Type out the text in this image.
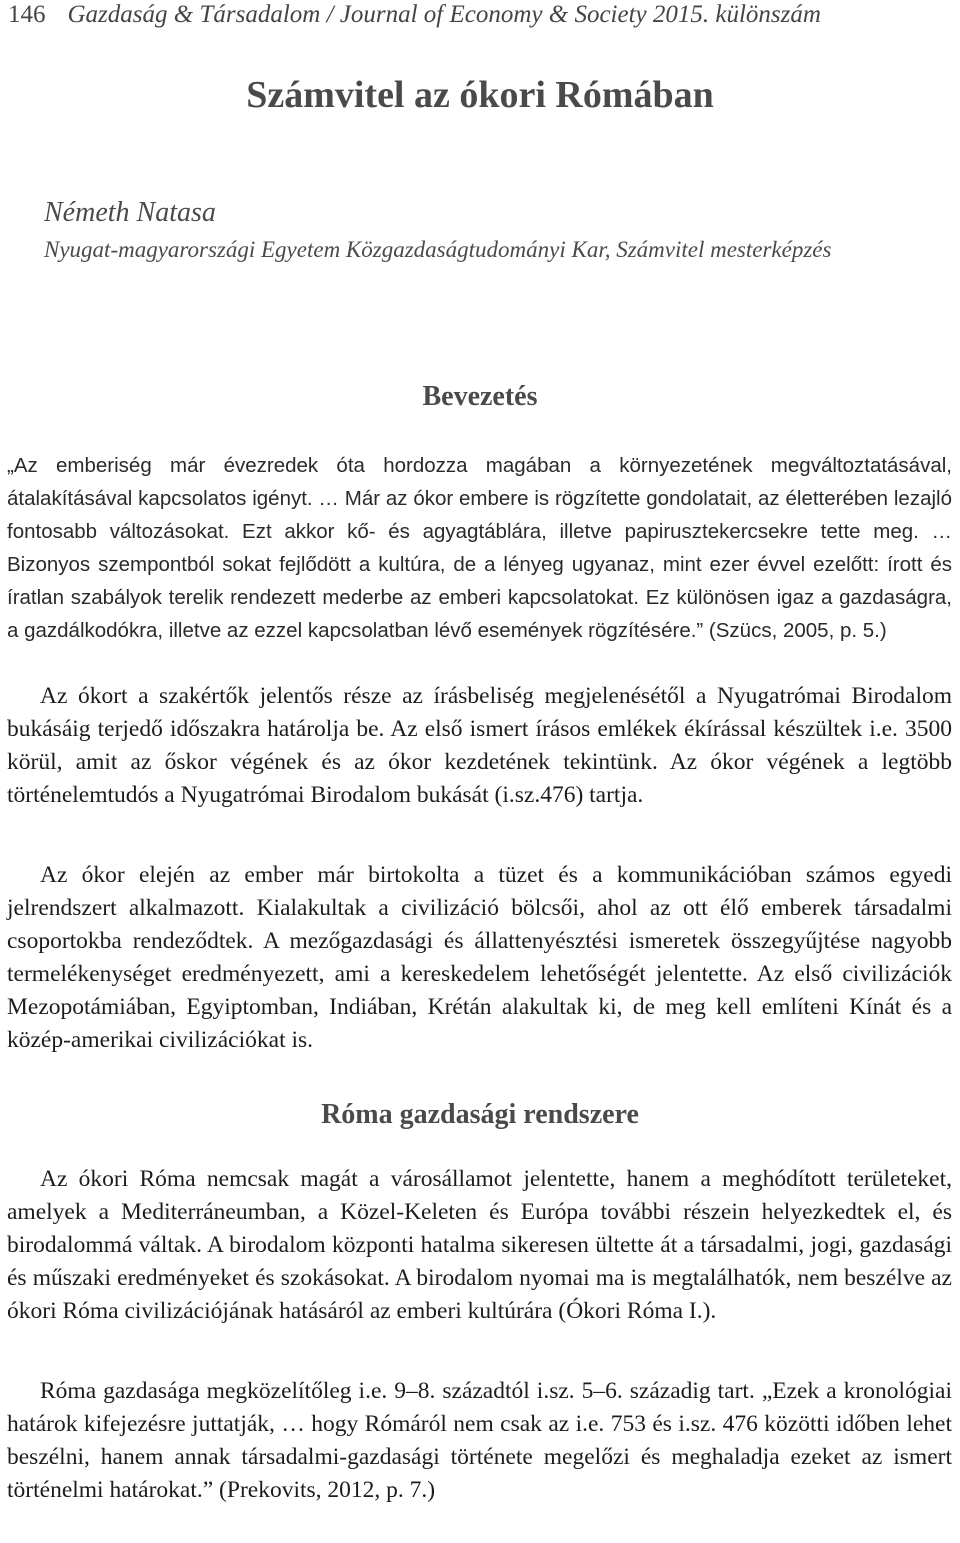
146 Gazdaság & Társadalom / Journal of Economy & Society 2015. különszám
Számvitel az ókori Rómában

Németh Natasa

Nyugat-magyarországi Egyetem Közgazdaságtudományi Kar, Számvitel mesterképzés

Bevezetés

„Az emberiség már évezredek óta hordozza magában a környezetének megváltoztatásával, átalakításával kapcsolatos igényt. … Már az ókor embere is rögzítette gondolatait, az életterében lezajló fontosabb változásokat. Ezt akkor kő- és agyagtáblára, illetve papirusztekercsekre tette meg. … Bizonyos szempontból sokat fejlődött a kultúra, de a lényeg ugyanaz, mint ezer évvel ezelőtt: írott és íratlan szabályok terelik rendezett mederbe az emberi kapcsolatokat. Ez különösen igaz a gazdaságra, a gazdálkodókra, illetve az ezzel kapcsolatban lévő események rögzítésére.” (Szücs, 2005, p. 5.)

Az ókort a szakértők jelentős része az írásbeliség megjelenésétől a Nyugatrómai Birodalom bukásáig terjedő időszakra határolja be. Az első ismert írásos emlékek ékírással készültek i.e. 3500 körül, amit az őskor végének és az ókor kezdetének tekintünk. Az ókor végének a legtöbb történelemtudós a Nyugatrómai Birodalom bukását (i.sz.476) tartja.

Az ókor elején az ember már birtokolta a tüzet és a kommunikációban számos egyedi jelrendszert alkalmazott. Kialakultak a civilizáció bölcsői, ahol az ott élő emberek társadalmi csoportokba rendeződtek. A mezőgazdasági és állattenyésztési ismeretek összegyűjtése nagyobb termelékenységet eredményezett, ami a kereskedelem lehetőségét jelentette. Az első civilizációk Mezopotámiában, Egyiptomban, Indiában, Krétán alakultak ki, de meg kell említeni Kínát és a közép-amerikai civilizációkat is.

Róma gazdasági rendszere

Az ókori Róma nemcsak magát a városállamot jelentette, hanem a meghódított területeket, amelyek a Mediterráneumban, a Közel-Keleten és Európa további részein helyezkedtek el, és birodalommá váltak. A birodalom központi hatalma sikeresen ültette át a társadalmi, jogi, gazdasági és műszaki eredményeket és szokásokat. A birodalom nyomai ma is megtalálhatók, nem beszélve az ókori Róma civilizációjának hatásáról az emberi kultúrára (Ókori Róma I.).

Róma gazdasága megközelítőleg i.e. 9–8. századtól i.sz. 5–6. századig tart. „Ezek a kronológiai határok kifejezésre juttatják, … hogy Rómáról nem csak az i.e. 753 és i.sz. 476 közötti időben lehet beszélni, hanem annak társadalmi-gazdasági története megelőzi és meghaladja ezeket az ismert történelmi határokat.” (Prekovits, 2012, p. 7.)
